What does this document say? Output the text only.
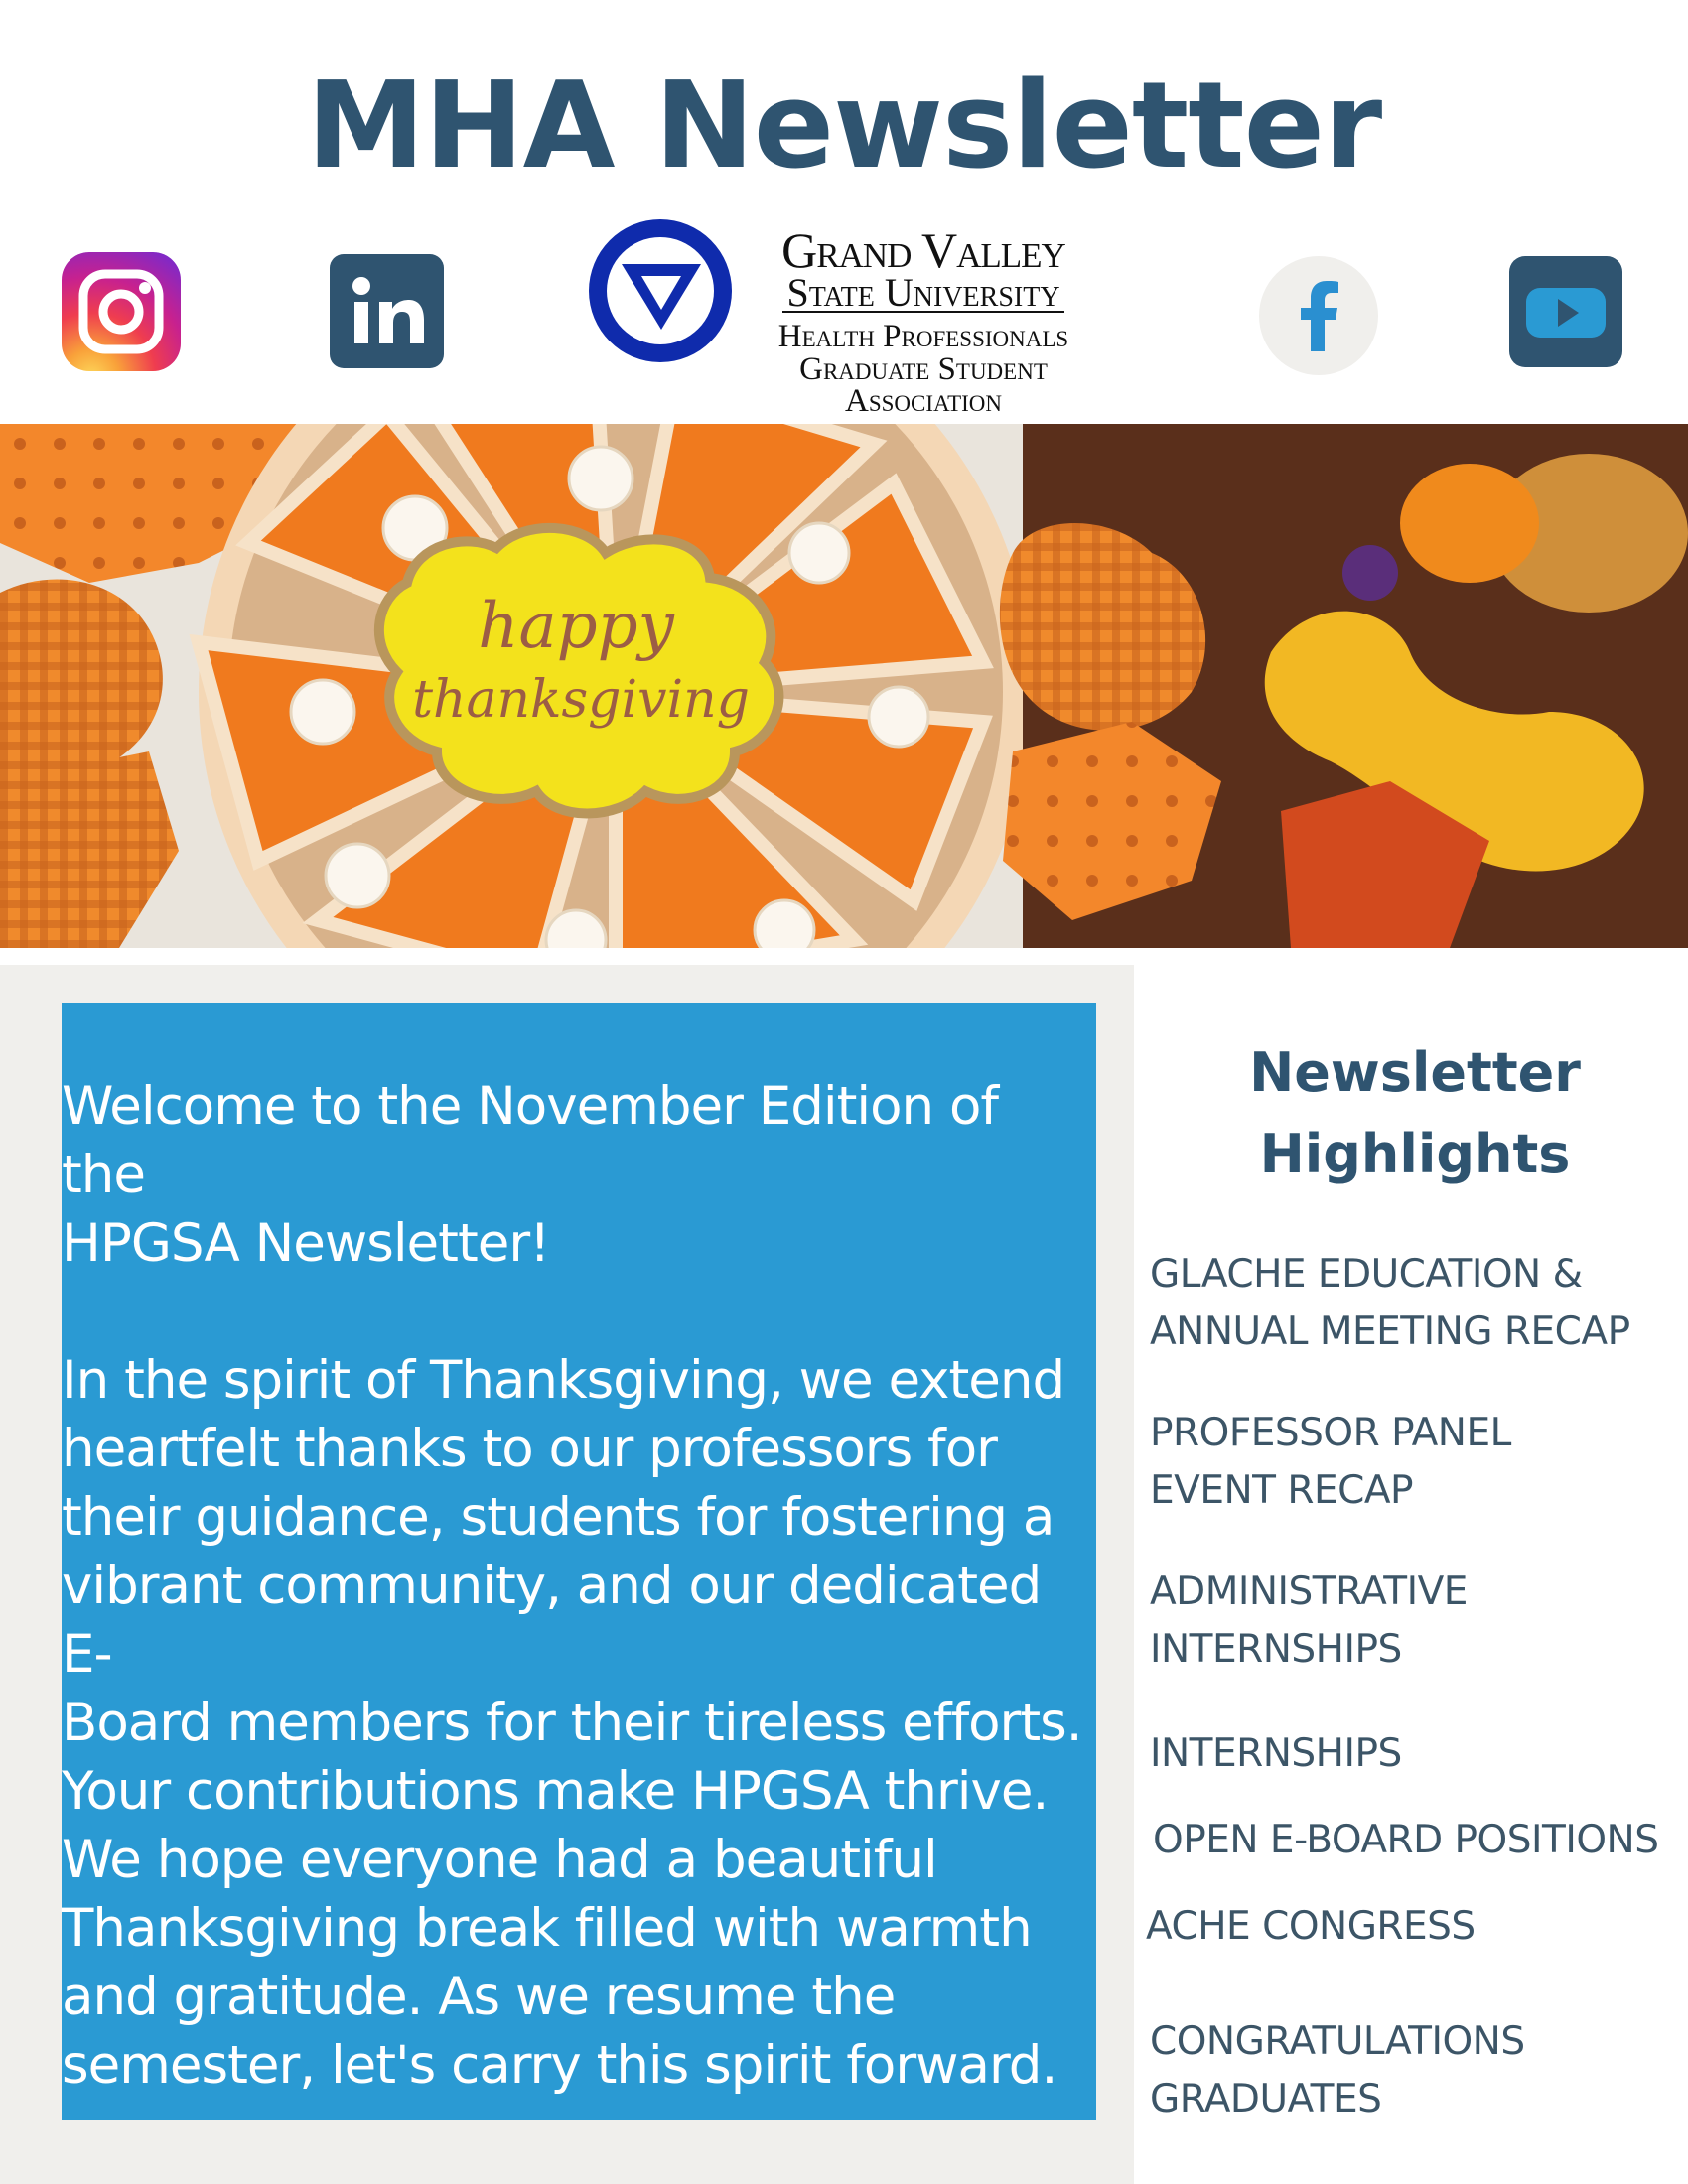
MHA Newsletter
Grand Valley
State University
Health Professionals
Graduate Student
Association
happy
thanksgiving
Welcome to the November Edition of the
HPGSA Newsletter!

In the spirit of Thanksgiving, we extend
heartfelt thanks to our professors for
their guidance, students for fostering a
vibrant community, and our dedicated E-
Board members for their tireless efforts.
Your contributions make HPGSA thrive.
We hope everyone had a beautiful
Thanksgiving break filled with warmth
and gratitude. As we resume the
semester, let's carry this spirit forward.
Newsletter
Highlights
GLACHE EDUCATION &
ANNUAL MEETING RECAP
PROFESSOR PANEL
EVENT RECAP
ADMINISTRATIVE
INTERNSHIPS
INTERNSHIPS
OPEN E-BOARD POSITIONS
ACHE CONGRESS
CONGRATULATIONS
GRADUATES
